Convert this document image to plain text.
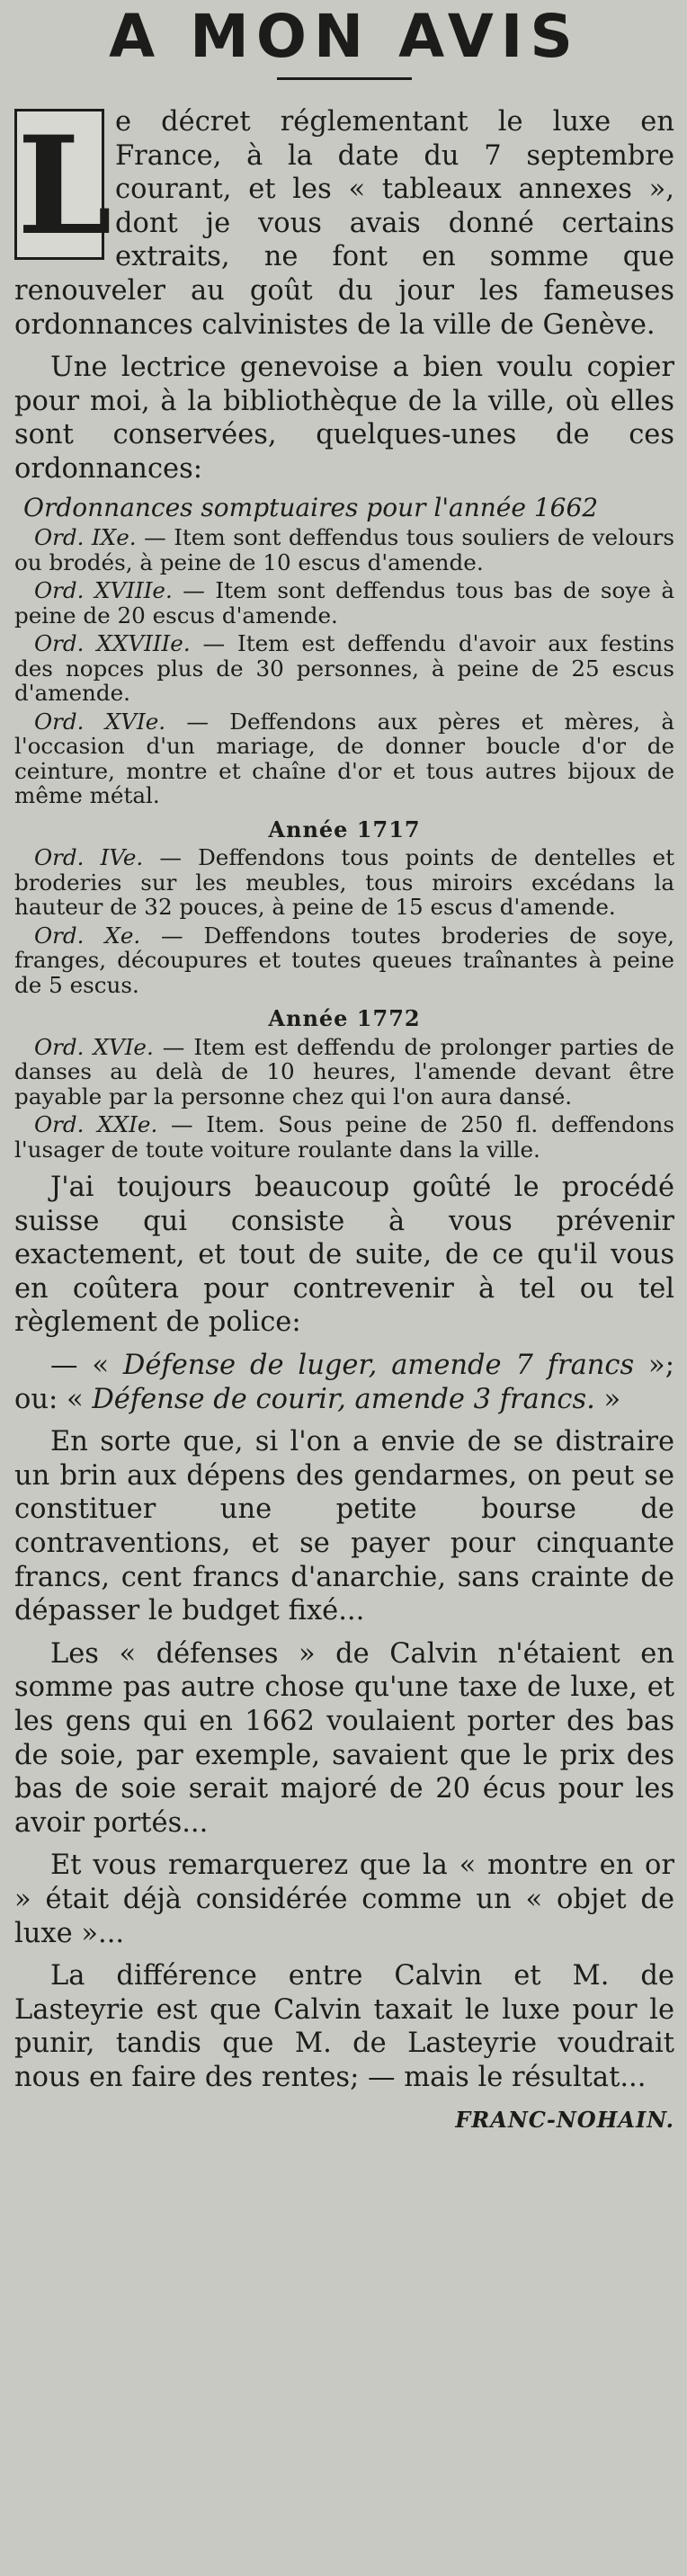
A MON AVIS

L e décret réglementant le luxe en France, à la date du 7 septembre courant, et les « tableaux annexes », dont je vous avais donné certains extraits, ne font en somme que renouveler au goût du jour les fameuses ordonnances calvinistes de la ville de Genève.

Une lectrice genevoise a bien voulu copier pour moi, à la bibliothèque de la ville, où elles sont conservées, quelques-unes de ces ordonnances:

Ordonnances somptuaires pour l'année 1662
Ord. IXe. — Item sont deffendus tous souliers de velours ou brodés, à peine de 10 escus d'amende.
Ord. XVIIIe. — Item sont deffendus tous bas de soye à peine de 20 escus d'amende.
Ord. XXVIIIe. — Item est deffendu d'avoir aux festins des nopces plus de 30 personnes, à peine de 25 escus d'amende.
Ord. XVIe. — Deffendons aux pères et mères, à l'occasion d'un mariage, de donner boucle d'or de ceinture, montre et chaîne d'or et tous autres bijoux de même métal.
Année 1717
Ord. IVe. — Deffendons tous points de dentelles et broderies sur les meubles, tous miroirs excédans la hauteur de 32 pouces, à peine de 15 escus d'amende.
Ord. Xe. — Deffendons toutes broderies de soye, franges, découpures et toutes queues traînantes à peine de 5 escus.
Année 1772
Ord. XVIe. — Item est deffendu de prolonger parties de danses au delà de 10 heures, l'amende devant être payable par la personne chez qui l'on aura dansé.
Ord. XXIe. — Item. Sous peine de 250 fl. deffendons l'usager de toute voiture roulante dans la ville.

J'ai toujours beaucoup goûté le procédé suisse qui consiste à vous prévenir exactement, et tout de suite, de ce qu'il vous en coûtera pour contrevenir à tel ou tel règlement de police:

— « Défense de luger, amende 7 francs »; ou: « Défense de courir, amende 3 francs. »

En sorte que, si l'on a envie de se distraire un brin aux dépens des gendarmes, on peut se constituer une petite bourse de contraventions, et se payer pour cinquante francs, cent francs d'anarchie, sans crainte de dépasser le budget fixé...

Les « défenses » de Calvin n'étaient en somme pas autre chose qu'une taxe de luxe, et les gens qui en 1662 voulaient porter des bas de soie, par exemple, savaient que le prix des bas de soie serait majoré de 20 écus pour les avoir portés...

Et vous remarquerez que la « montre en or » était déjà considérée comme un « objet de luxe »...

La différence entre Calvin et M. de Lasteyrie est que Calvin taxait le luxe pour le punir, tandis que M. de Lasteyrie voudrait nous en faire des rentes; — mais le résultat...

FRANC-NOHAIN.
